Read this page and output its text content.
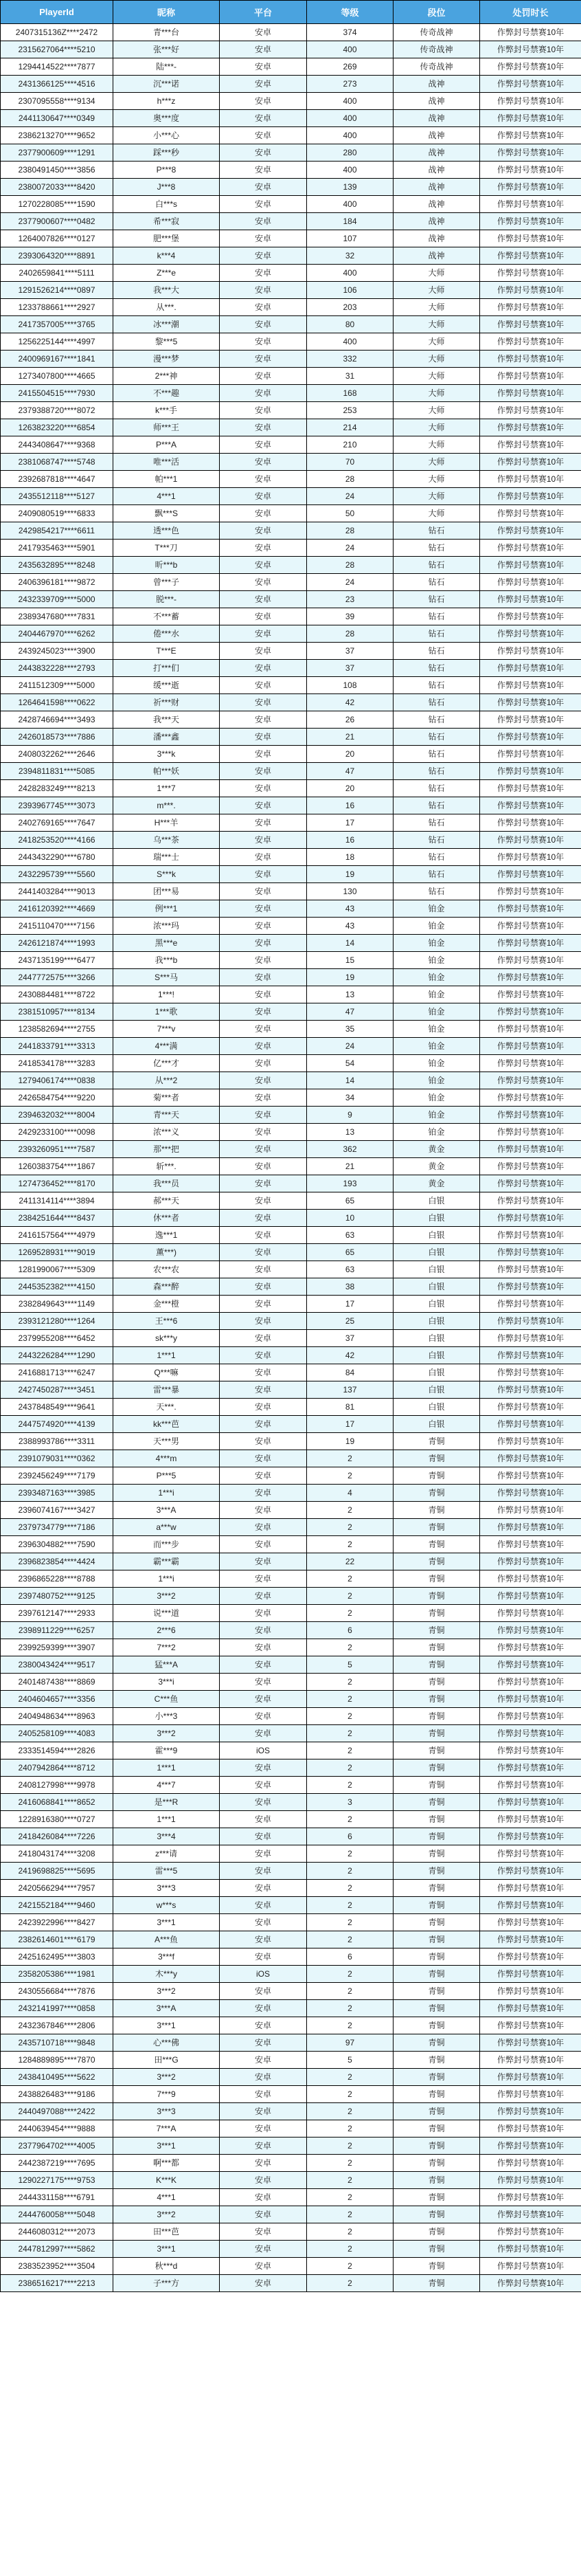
PlayerId	昵称	平台	等级	段位	处罚时长
2407315136Z****2472	青***台	安卓	374	传奇战神	作弊封号禁赛10年
2315627064****5210	张***好	安卓	400	传奇战神	作弊封号禁赛10年
1294414522****7877	陆***-	安卓	269	传奇战神	作弊封号禁赛10年
2431366125****4516	沉***诺	安卓	273	战神	作弊封号禁赛10年
2307095558****9134	h***z	安卓	400	战神	作弊封号禁赛10年
2441130647****0349	奥***度	安卓	400	战神	作弊封号禁赛10年
2386213270****9652	小***心	安卓	400	战神	作弊封号禁赛10年
2377900609****1291	踩***秒	安卓	280	战神	作弊封号禁赛10年
2380491450****3856	P***8	安卓	400	战神	作弊封号禁赛10年
2380072033****8420	J***8	安卓	139	战神	作弊封号禁赛10年
1270228085****1590	白***s	安卓	400	战神	作弊封号禁赛10年
2377900607****0482	希***寂	安卓	184	战神	作弊封号禁赛10年
1264007826****0127	肥***堡	安卓	107	战神	作弊封号禁赛10年
2393064320****8891	k***4	安卓	32	战神	作弊封号禁赛10年
2402659841****5111	Z***e	安卓	400	大师	作弊封号禁赛10年
1291526214****0897	我***大	安卓	106	大师	作弊封号禁赛10年
1233788661****2927	从***.	安卓	203	大师	作弊封号禁赛10年
2417357005****3765	冰***潮	安卓	80	大师	作弊封号禁赛10年
1256225144****4997	黎***5	安卓	400	大师	作弊封号禁赛10年
2400969167****1841	漫***梦	安卓	332	大师	作弊封号禁赛10年
1273407800****4665	2***神	安卓	31	大师	作弊封号禁赛10年
2415504515****7930	不***趣	安卓	168	大师	作弊封号禁赛10年
2379388720****8072	k***手	安卓	253	大师	作弊封号禁赛10年
1263823220****6854	师***王	安卓	214	大师	作弊封号禁赛10年
2443408647****9368	P***A	安卓	210	大师	作弊封号禁赛10年
2381068747****5748	唯***活	安卓	70	大师	作弊封号禁赛10年
2392687818****4647	帕***1	安卓	28	大师	作弊封号禁赛10年
2435512118****5127	4***1	安卓	24	大师	作弊封号禁赛10年
2409080519****6833	飘***S	安卓	50	大师	作弊封号禁赛10年
2429854217****6611	透***色	安卓	28	钻石	作弊封号禁赛10年
2417935463****5901	T***刀	安卓	24	钻石	作弊封号禁赛10年
2435632895****8248	昕***b	安卓	28	钻石	作弊封号禁赛10年
2406396181****9872	曾***子	安卓	24	钻石	作弊封号禁赛10年
2432339709****5000	脱***-	安卓	23	钻石	作弊封号禁赛10年
2389347680****7831	不***蓄	安卓	39	钻石	作弊封号禁赛10年
2404467970****6262	倦***水	安卓	28	钻石	作弊封号禁赛10年
2439245023****3900	T***E	安卓	37	钻石	作弊封号禁赛10年
2443832228****2793	打***们	安卓	37	钻石	作弊封号禁赛10年
2411512309****5000	缓***逝	安卓	108	钻石	作弊封号禁赛10年
1264641598****0622	祈***财	安卓	42	钻石	作弊封号禁赛10年
2428746694****3493	我***天	安卓	26	钻石	作弊封号禁赛10年
2426018573****7886	潘***鑫	安卓	21	钻石	作弊封号禁赛10年
2408032262****2646	3***k	安卓	20	钻石	作弊封号禁赛10年
2394811831****5085	帕***妖	安卓	47	钻石	作弊封号禁赛10年
2428283249****8213	1***7	安卓	20	钻石	作弊封号禁赛10年
2393967745****3073	m***.	安卓	16	钻石	作弊封号禁赛10年
2402769165****7647	H***羊	安卓	17	钻石	作弊封号禁赛10年
2418253520****4166	乌***茶	安卓	16	钻石	作弊封号禁赛10年
2443432290****6780	瑞***士	安卓	18	钻石	作弊封号禁赛10年
2432295739****5560	S***k	安卓	19	钻石	作弊封号禁赛10年
2441403284****9013	团***易	安卓	130	钻石	作弊封号禁赛10年
2416120392****4669	例***1	安卓	43	铂金	作弊封号禁赛10年
2415110470****7156	浓***玛	安卓	43	铂金	作弊封号禁赛10年
2426121874****1993	黑***e	安卓	14	铂金	作弊封号禁赛10年
2437135199****6477	我***b	安卓	15	铂金	作弊封号禁赛10年
2447772575****3266	S***马	安卓	19	铂金	作弊封号禁赛10年
2430884481****8722	1***!	安卓	13	铂金	作弊封号禁赛10年
2381510957****8134	1***歌	安卓	47	铂金	作弊封号禁赛10年
1238582694****2755	7***v	安卓	35	铂金	作弊封号禁赛10年
2441833791****3313	4***满	安卓	24	铂金	作弊封号禁赛10年
2418534178****3283	亿***才	安卓	54	铂金	作弊封号禁赛10年
1279406174****0838	从***2	安卓	14	铂金	作弊封号禁赛10年
2426584754****9220	菊***者	安卓	34	铂金	作弊封号禁赛10年
2394632032****8004	青***天	安卓	9	铂金	作弊封号禁赛10年
2429233100****0098	浓***义	安卓	13	铂金	作弊封号禁赛10年
2393260951****7587	那***把	安卓	362	黄金	作弊封号禁赛10年
1260383754****1867	斩***.	安卓	21	黄金	作弊封号禁赛10年
1274736452****8170	我***员	安卓	193	黄金	作弊封号禁赛10年
2411314114****3894	郝***天	安卓	65	白银	作弊封号禁赛10年
2384251644****8437	休***者	安卓	10	白银	作弊封号禁赛10年
2416157564****4979	逸***1	安卓	63	白银	作弊封号禁赛10年
1269528931****9019	薰***)	安卓	65	白银	作弊封号禁赛10年
1281990067****5309	农***农	安卓	63	白银	作弊封号禁赛10年
2445352382****4150	森***醉	安卓	38	白银	作弊封号禁赛10年
2382849643****1149	金***橙	安卓	17	白银	作弊封号禁赛10年
2393121280****1264	王***6	安卓	25	白银	作弊封号禁赛10年
2379955208****6452	sk***y	安卓	37	白银	作弊封号禁赛10年
2443226284****1290	1***1	安卓	42	白银	作弊封号禁赛10年
2416881713****6247	Q***嘛	安卓	84	白银	作弊封号禁赛10年
2427450287****3451	雷***暴	安卓	137	白银	作弊封号禁赛10年
2437848549****9641	天***.	安卓	81	白银	作弊封号禁赛10年
2447574920****4139	kk***芭	安卓	17	白银	作弊封号禁赛10年
2388993786****3311	天***男	安卓	19	青铜	作弊封号禁赛10年
2391079031****0362	4***m	安卓	2	青铜	作弊封号禁赛10年
2392456249****7179	P***5	安卓	2	青铜	作弊封号禁赛10年
2393487163****3985	1***i	安卓	4	青铜	作弊封号禁赛10年
2396074167****3427	3***A	安卓	2	青铜	作弊封号禁赛10年
2379734779****7186	a***w	安卓	2	青铜	作弊封号禁赛10年
2396304882****7590	而***步	安卓	2	青铜	作弊封号禁赛10年
2396823854****4424	霸***霸	安卓	22	青铜	作弊封号禁赛10年
2396865228****8788	1***i	安卓	2	青铜	作弊封号禁赛10年
2397480752****9125	3***2	安卓	2	青铜	作弊封号禁赛10年
2397612147****2933	说***道	安卓	2	青铜	作弊封号禁赛10年
2398911229****6257	2***6	安卓	6	青铜	作弊封号禁赛10年
2399259399****3907	7***2	安卓	2	青铜	作弊封号禁赛10年
2380043424****9517	猛***A	安卓	5	青铜	作弊封号禁赛10年
2401487438****8869	3***i	安卓	2	青铜	作弊封号禁赛10年
2404604657****3356	C***鱼	安卓	2	青铜	作弊封号禁赛10年
2404948634****8963	小***3	安卓	2	青铜	作弊封号禁赛10年
2405258109****4083	3***2	安卓	2	青铜	作弊封号禁赛10年
2333514594****2826	霍***9	iOS	2	青铜	作弊封号禁赛10年
2407942864****8712	1***1	安卓	2	青铜	作弊封号禁赛10年
2408127998****9978	4***7	安卓	2	青铜	作弊封号禁赛10年
2416068841****8652	是***R	安卓	3	青铜	作弊封号禁赛10年
1228916380****0727	1***1	安卓	2	青铜	作弊封号禁赛10年
2418426084****7226	3***4	安卓	6	青铜	作弊封号禁赛10年
2418043174****3208	z***请	安卓	2	青铜	作弊封号禁赛10年
2419698825****5695	雷***5	安卓	2	青铜	作弊封号禁赛10年
2420566294****7957	3***3	安卓	2	青铜	作弊封号禁赛10年
2421552184****9460	w***s	安卓	2	青铜	作弊封号禁赛10年
2423922996****8427	3***1	安卓	2	青铜	作弊封号禁赛10年
2382614601****6179	A***鱼	安卓	2	青铜	作弊封号禁赛10年
2425162495****3803	3***f	安卓	6	青铜	作弊封号禁赛10年
2358205386****1981	木***y	iOS	2	青铜	作弊封号禁赛10年
2430556684****7876	3***2	安卓	2	青铜	作弊封号禁赛10年
2432141997****0858	3***A	安卓	2	青铜	作弊封号禁赛10年
2432367846****2806	3***1	安卓	2	青铜	作弊封号禁赛10年
2435710718****9848	心***佛	安卓	97	青铜	作弊封号禁赛10年
1284889895****7870	田***G	安卓	5	青铜	作弊封号禁赛10年
2438410495****5622	3***2	安卓	2	青铜	作弊封号禁赛10年
2438826483****9186	7***9	安卓	2	青铜	作弊封号禁赛10年
2440497088****2422	3***3	安卓	2	青铜	作弊封号禁赛10年
2440639454****9888	7***A	安卓	2	青铜	作弊封号禁赛10年
2377964702****4005	3***1	安卓	2	青铜	作弊封号禁赛10年
2442387219****7695	啊***都	安卓	2	青铜	作弊封号禁赛10年
1290227175****9753	K***K	安卓	2	青铜	作弊封号禁赛10年
2444331158****6791	4***1	安卓	2	青铜	作弊封号禁赛10年
2444760058****5048	3***2	安卓	2	青铜	作弊封号禁赛10年
2446080312****2073	田***芭	安卓	2	青铜	作弊封号禁赛10年
2447812997****5862	3***1	安卓	2	青铜	作弊封号禁赛10年
2383523952****3504	秋***d	安卓	2	青铜	作弊封号禁赛10年
2386516217****2213	子***方	安卓	2	青铜	作弊封号禁赛10年
